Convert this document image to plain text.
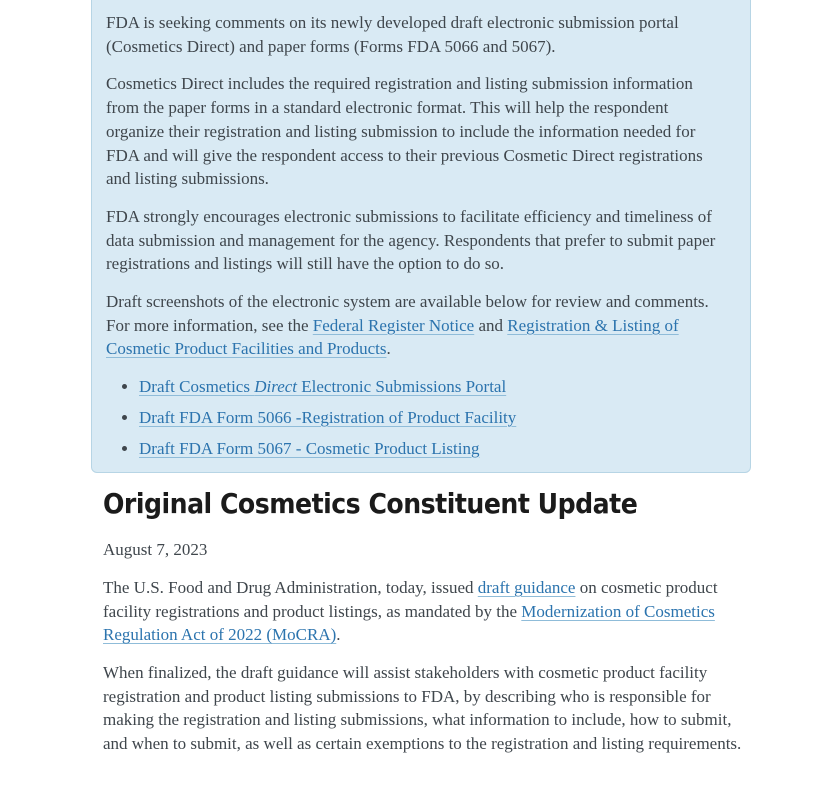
FDA is seeking comments on its newly developed draft electronic submission portal (Cosmetics Direct) and paper forms (Forms FDA 5066 and 5067).

Cosmetics Direct includes the required registration and listing submission information from the paper forms in a standard electronic format. This will help the respondent organize their registration and listing submission to include the information needed for FDA and will give the respondent access to their previous Cosmetic Direct registrations and listing submissions.

FDA strongly encourages electronic submissions to facilitate efficiency and timeliness of data submission and management for the agency. Respondents that prefer to submit paper registrations and listings will still have the option to do so.

Draft screenshots of the electronic system are available below for review and comments. For more information, see the Federal Register Notice and Registration & Listing of Cosmetic Product Facilities and Products.

• Draft Cosmetics Direct Electronic Submissions Portal
• Draft FDA Form 5066 -Registration of Product Facility
• Draft FDA Form 5067 - Cosmetic Product Listing
Original Cosmetics Constituent Update

August 7, 2023

The U.S. Food and Drug Administration, today, issued draft guidance on cosmetic product facility registrations and product listings, as mandated by the Modernization of Cosmetics Regulation Act of 2022 (MoCRA).

When finalized, the draft guidance will assist stakeholders with cosmetic product facility registration and product listing submissions to FDA, by describing who is responsible for making the registration and listing submissions, what information to include, how to submit, and when to submit, as well as certain exemptions to the registration and listing requirements.
